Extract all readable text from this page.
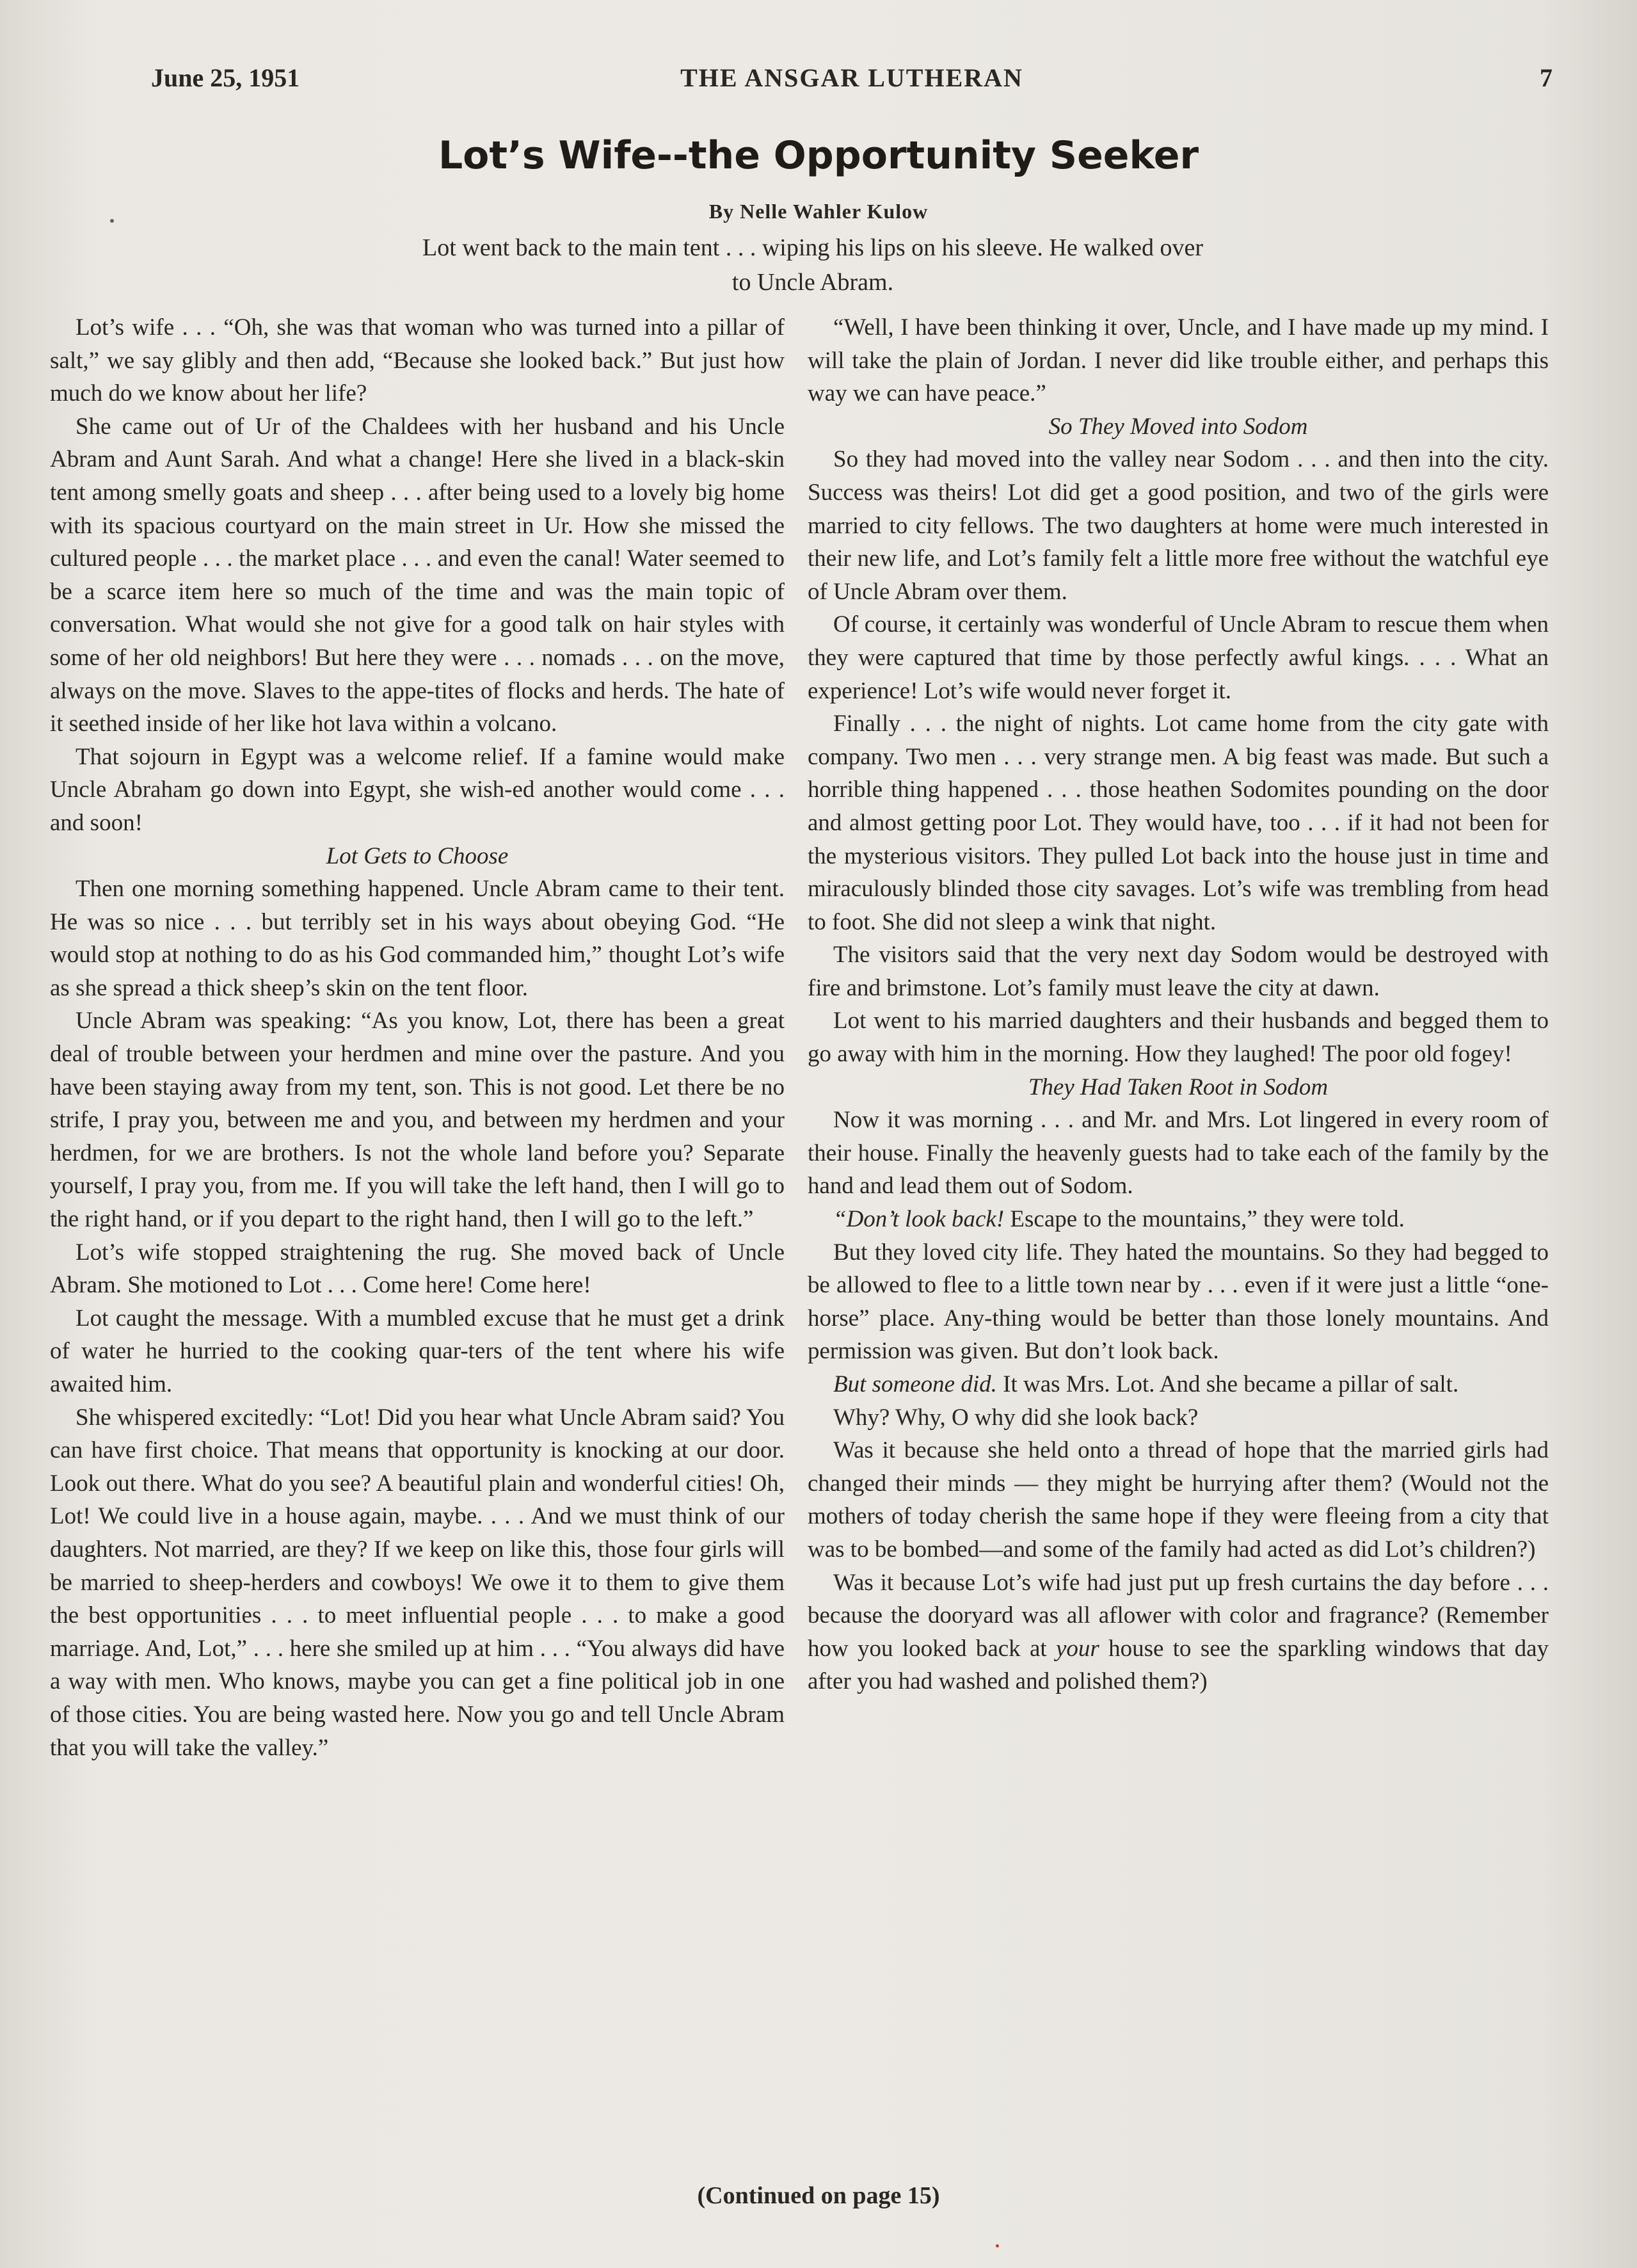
June 25, 1951	THE ANSGAR LUTHERAN	7
Lot’s Wife--the Opportunity Seeker
By Nelle Wahler Kulow
Lot went back to the main tent . . . wiping his lips on his sleeve. He walked over to Uncle Abram.

Lot’s wife . . . “Oh, she was that woman who was turned into a pillar of salt,” we say glibly and then add, “Because she looked back.” But just how much do we know about her life?

She came out of Ur of the Chaldees with her husband and his Uncle Abram and Aunt Sarah. And what a change! Here she lived in a black-skin tent among smelly goats and sheep . . . after being used to a lovely big home with its spacious courtyard on the main street in Ur. How she missed the cultured people . . . the market place . . . and even the canal! Water seemed to be a scarce item here so much of the time and was the main topic of conversation. What would she not give for a good talk on hair styles with some of her old neighbors! But here they were . . . nomads . . . on the move, always on the move. Slaves to the appe-tites of flocks and herds. The hate of it seethed inside of her like hot lava within a volcano.

That sojourn in Egypt was a welcome relief. If a famine would make Uncle Abraham go down into Egypt, she wish-ed another would come . . . and soon!

Lot Gets to Choose

Then one morning something happened. Uncle Abram came to their tent. He was so nice . . . but terribly set in his ways about obeying God. “He would stop at nothing to do as his God commanded him,” thought Lot’s wife as she spread a thick sheep’s skin on the tent floor.

Uncle Abram was speaking: “As you know, Lot, there has been a great deal of trouble between your herdmen and mine over the pasture. And you have been staying away from my tent, son. This is not good. Let there be no strife, I pray you, between me and you, and between my herdmen and your herdmen, for we are brothers. Is not the whole land before you? Separate yourself, I pray you, from me. If you will take the left hand, then I will go to the right hand, or if you depart to the right hand, then I will go to the left.”

Lot’s wife stopped straightening the rug. She moved back of Uncle Abram. She motioned to Lot . . . Come here! Come here!

Lot caught the message. With a mumbled excuse that he must get a drink of water he hurried to the cooking quar-ters of the tent where his wife awaited him.

She whispered excitedly: “Lot! Did you hear what Uncle Abram said? You can have first choice. That means that opportunity is knocking at our door. Look out there. What do you see? A beautiful plain and wonderful cities! Oh, Lot! We could live in a house again, maybe. . . . And we must think of our daughters. Not married, are they? If we keep on like this, those four girls will be married to sheep-herders and cowboys! We owe it to them to give them the best opportunities . . . to meet influential people . . . to make a good marriage. And, Lot,” . . . here she smiled up at him . . . “You always did have a way with men. Who knows, maybe you can get a fine political job in one of those cities. You are being wasted here. Now you go and tell Uncle Abram that you will take the valley.”

“Well, I have been thinking it over, Uncle, and I have made up my mind. I will take the plain of Jordan. I never did like trouble either, and perhaps this way we can have peace.”

So They Moved into Sodom

So they had moved into the valley near Sodom . . . and then into the city. Success was theirs! Lot did get a good position, and two of the girls were married to city fellows. The two daughters at home were much interested in their new life, and Lot’s family felt a little more free without the watchful eye of Uncle Abram over them.

Of course, it certainly was wonderful of Uncle Abram to rescue them when they were captured that time by those perfectly awful kings. . . . What an experience! Lot’s wife would never forget it.

Finally . . . the night of nights. Lot came home from the city gate with company. Two men . . . very strange men. A big feast was made. But such a horrible thing happened . . . those heathen Sodomites pounding on the door and almost getting poor Lot. They would have, too . . . if it had not been for the mysterious visitors. They pulled Lot back into the house just in time and miraculously blinded those city savages. Lot’s wife was trembling from head to foot. She did not sleep a wink that night.

The visitors said that the very next day Sodom would be destroyed with fire and brimstone. Lot’s family must leave the city at dawn.

Lot went to his married daughters and their husbands and begged them to go away with him in the morning. How they laughed! The poor old fogey!

They Had Taken Root in Sodom

Now it was morning . . . and Mr. and Mrs. Lot lingered in every room of their house. Finally the heavenly guests had to take each of the family by the hand and lead them out of Sodom.

“Don’t look back! Escape to the mountains,” they were told.

But they loved city life. They hated the mountains. So they had begged to be allowed to flee to a little town near by . . . even if it were just a little “one-horse” place. Any-thing would be better than those lonely mountains. And permission was given. But don’t look back.

But someone did. It was Mrs. Lot. And she became a pillar of salt.

Why? Why, O why did she look back?

Was it because she held onto a thread of hope that the married girls had changed their minds — they might be hurrying after them? (Would not the mothers of today cherish the same hope if they were fleeing from a city that was to be bombed—and some of the family had acted as did Lot’s children?)

Was it because Lot’s wife had just put up fresh curtains the day before . . . because the dooryard was all aflower with color and fragrance? (Remember how you looked back at your house to see the sparkling windows that day after you had washed and polished them?)

(Continued on page 15)
